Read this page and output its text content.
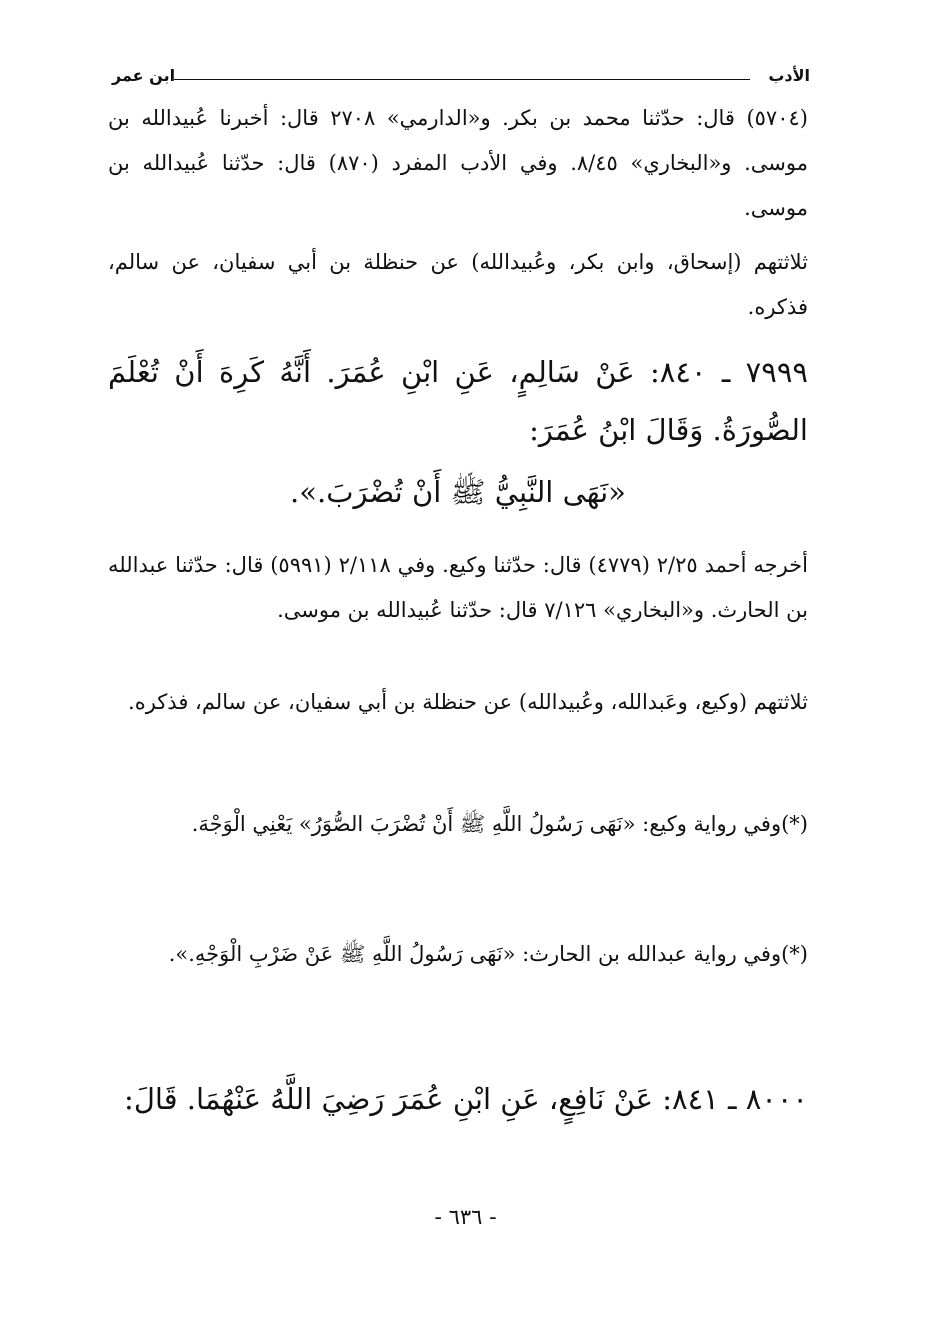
الأدب
ابن عمر

(٥٧٠٤) قال: حدّثنا محمد بن بكر. و«الدارمي» ٢٧٠٨ قال: أخبرنا عُبيدالله بن موسى. و«البخاري» ٨/٤٥. وفي الأدب المفرد (٨٧٠) قال: حدّثنا عُبيدالله بن موسى.

ثلاثتهم (إسحاق، وابن بكر، وعُبيدالله) عن حنظلة بن أبي سفيان، عن سالم، فذكره.

٧٩٩٩ ـ ٨٤٠: عَنْ سَالِمٍ، عَنِ ابْنِ عُمَرَ. أَنَّهُ كَرِهَ أَنْ تُعْلَمَ الصُّورَةُ. وَقَالَ ابْنُ عُمَرَ:

«نَهَى النَّبِيُّ ﷺ أَنْ تُضْرَبَ.».

أخرجه أحمد ٢/٢٥ (٤٧٧٩) قال: حدّثنا وكيع. وفي ٢/١١٨ (٥٩٩١) قال: حدّثنا عبدالله بن الحارث. و«البخاري» ٧/١٢٦ قال: حدّثنا عُبيدالله بن موسى.

ثلاثتهم (وكيع، وعَبدالله، وعُبيدالله) عن حنظلة بن أبي سفيان، عن سالم، فذكره.

(*)وفي رواية وكيع: «نَهَى رَسُولُ اللَّهِ ﷺ أَنْ تُضْرَبَ الصُّوَرُ» يَعْنِي الْوَجْهَ.

(*)وفي رواية عبدالله بن الحارث: «نَهَى رَسُولُ اللَّهِ ﷺ عَنْ ضَرْبِ الْوَجْهِ.».

٨٠٠٠ ـ ٨٤١: عَنْ نَافِعٍ، عَنِ ابْنِ عُمَرَ رَضِيَ اللَّهُ عَنْهُمَا. قَالَ:

- ٦٣٦ -
